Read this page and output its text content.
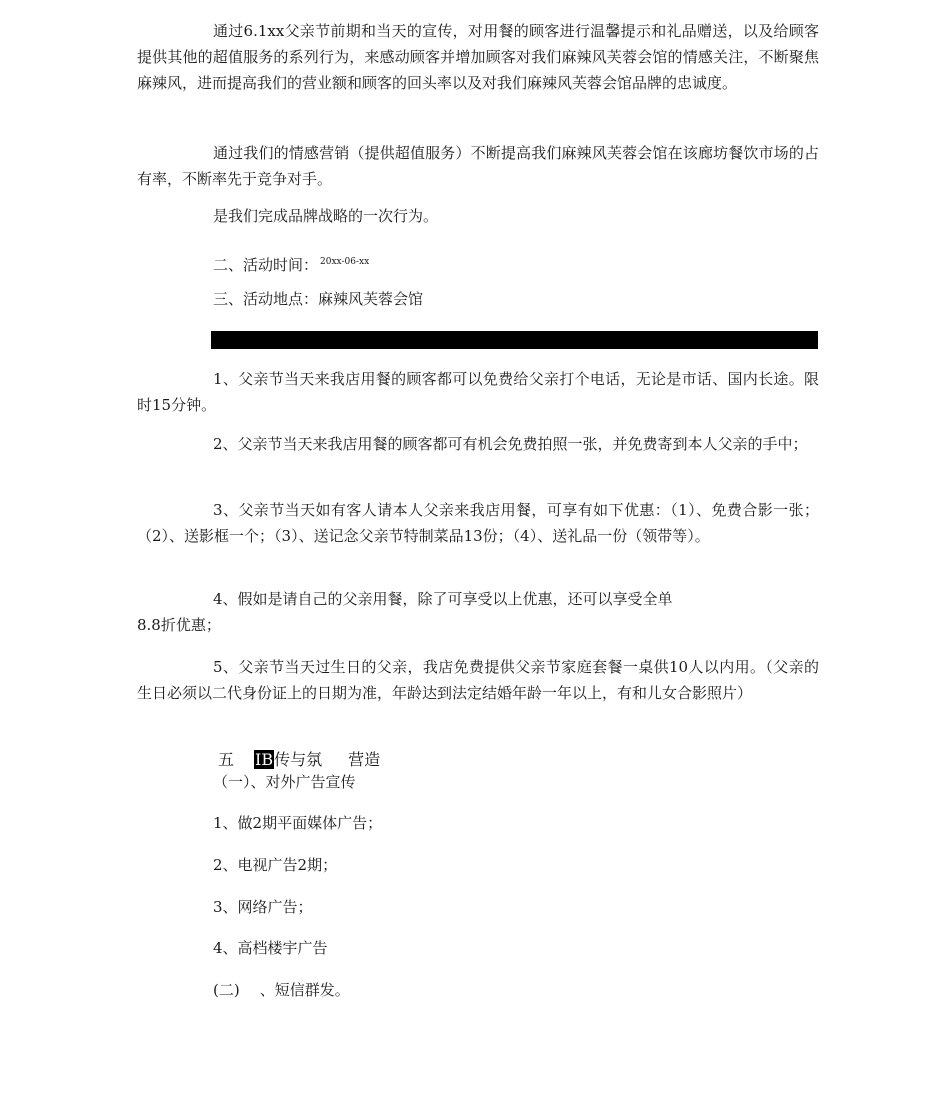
通过6.1xx父亲节前期和当天的宣传，对用餐的顾客进行温馨提示和礼品赠送，以及给顾客提供其他的超值服务的系列行为，来感动顾客并增加顾客对我们麻辣风芙蓉会馆的情感关注，不断聚焦麻辣风，进而提高我们的营业额和顾客的回头率以及对我们麻辣风芙蓉会馆品牌的忠诚度。

通过我们的情感营销（提供超值服务）不断提高我们麻辣风芙蓉会馆在该廊坊餐饮市场的占有率，不断率先于竞争对手。

是我们完成品牌战略的一次行为。

二、活动时间： $^{20xx-06-xx}$

三、活动地点：麻辣风芙蓉会馆

1、父亲节当天来我店用餐的顾客都可以免费给父亲打个电话，无论是市话、国内长途。限时15分钟。

2、父亲节当天来我店用餐的顾客都可有机会免费拍照一张，并免费寄到本人父亲的手中；

3、父亲节当天如有客人请本人父亲来我店用餐，可享有如下优惠：（1）、免费合影一张；（2）、送影框一个；（3）、送记念父亲节特制菜品13份；（4）、送礼品一份（领带等）。

4、假如是请自己的父亲用餐，除了可享受以上优惠，还可以享受全单

8.8折优惠；

5、父亲节当天过生日的父亲，我店免费提供父亲节家庭套餐一桌供10人以内用。（父亲的生日必须以二代身份证上的日期为准，年龄达到法定结婚年龄一年以上，有和儿女合影照片）

五 IB传与氛 营造

（一）、对外广告宣传

1、做2期平面媒体广告；

2、电视广告2期；

3、网络广告；

4、高档楼宇广告

(二) 、短信群发。
